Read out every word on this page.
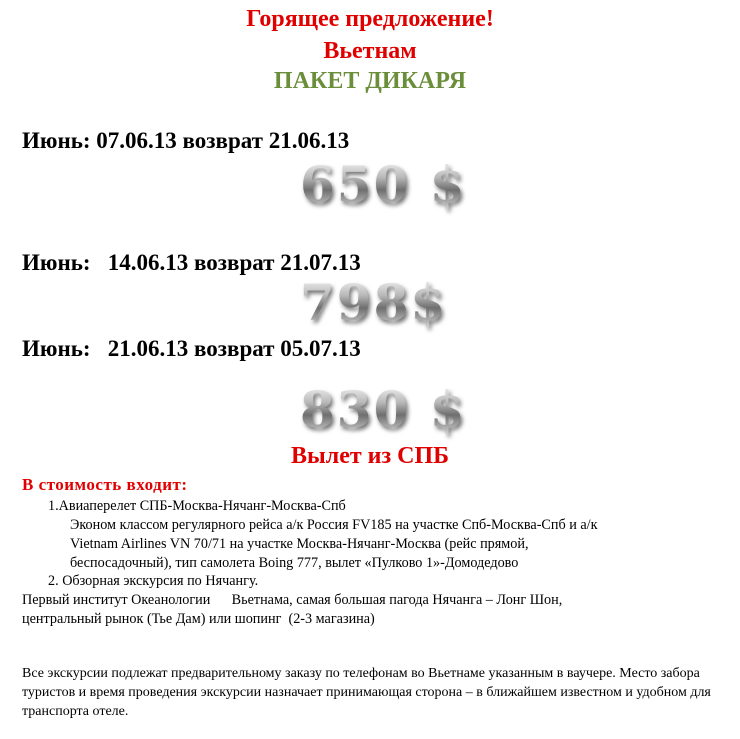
Горящее предложение!
Вьетнам
ПАКЕТ ДИКАРЯ
Июнь: 07.06.13 возврат 21.06.13
650 $
Июнь:   14.06.13 возврат 21.07.13
798$
Июнь:   21.06.13 возврат 05.07.13
830 $
Вылет из СПБ
В стоимость входит:
1.Авиаперелет СПБ-Москва-Нячанг-Москва-Спб
Эконом классом регулярного рейса а/к Россия FV185 на участке Спб-Москва-Спб и а/к
Vietnam Airlines VN 70/71 на участке Москва-Нячанг-Москва (рейс прямой,
беспосадочный), тип самолета Boing 777, вылет «Пулково 1»-Домодедово
2. Обзорная экскурсия по Нячангу.
Первый институт Океанологии      Вьетнама, самая большая пагода Нячанга – Лонг Шон,
центральный рынок (Тье Дам) или шопинг  (2-3 магазина)
Все экскурсии подлежат предварительному заказу по телефонам во Вьетнаме указанным в ваучере. Место забора туристов и время проведения экскурсии назначает принимающая сторона – в ближайшем известном и удобном для транспорта отеле.
